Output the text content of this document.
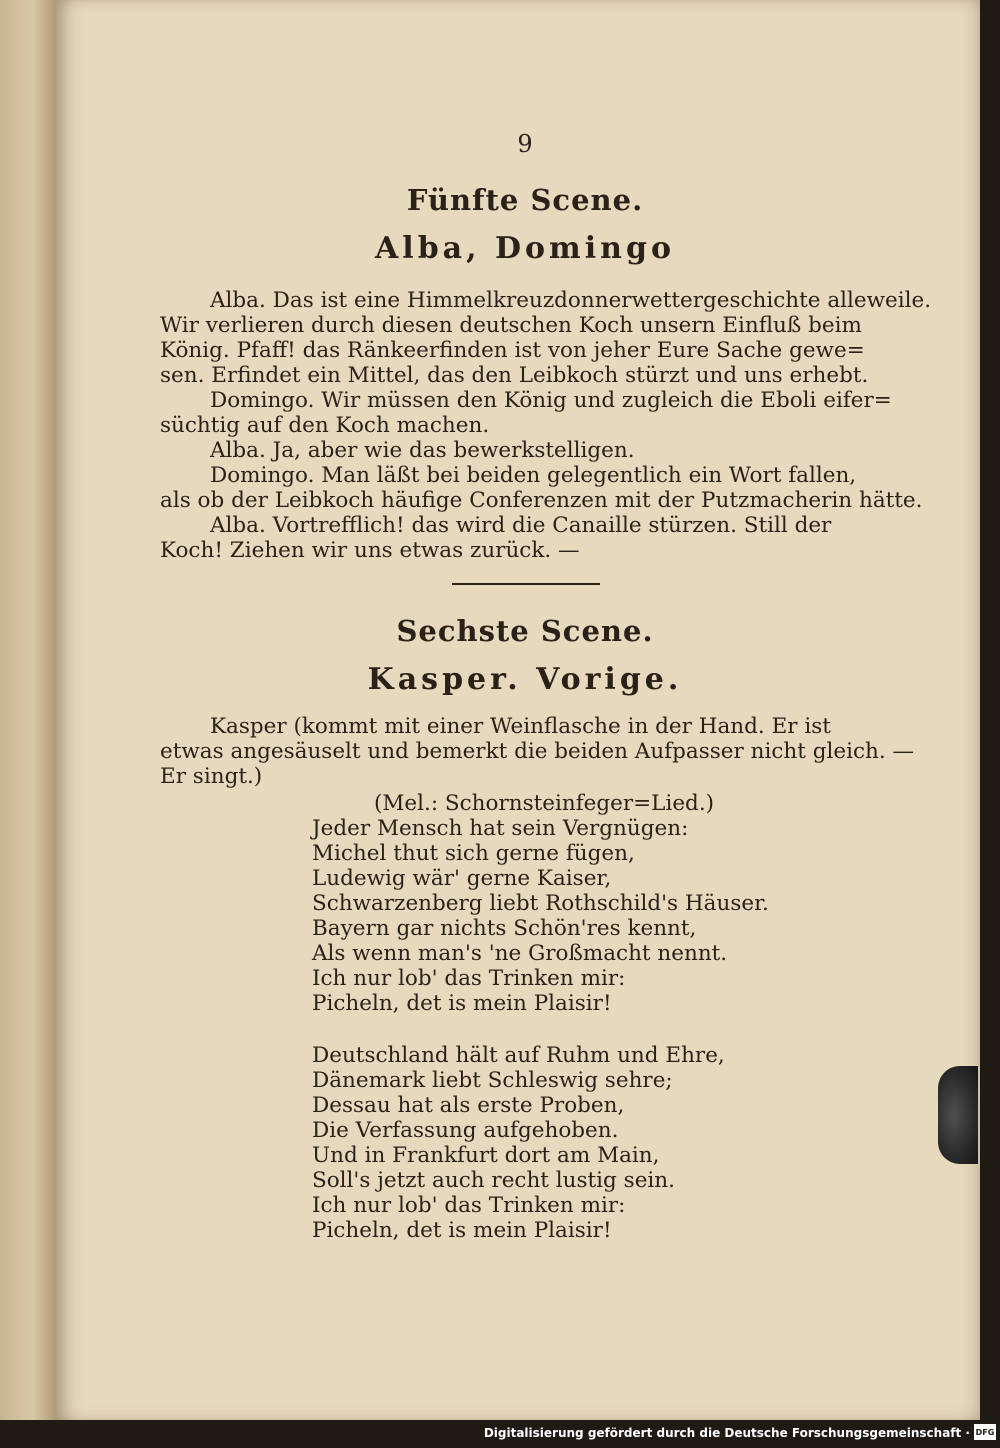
9
Fünfte Scene.
Alba, Domingo
Alba. Das ist eine Himmelkreuzdonnerwettergeschichte alleweile.
Wir verlieren durch diesen deutschen Koch unsern Einfluß beim
König. Pfaff! das Ränkeerfinden ist von jeher Eure Sache gewe=
sen. Erfindet ein Mittel, das den Leibkoch stürzt und uns erhebt.
Domingo. Wir müssen den König und zugleich die Eboli eifer=
süchtig auf den Koch machen.
Alba. Ja, aber wie das bewerkstelligen.
Domingo. Man läßt bei beiden gelegentlich ein Wort fallen,
als ob der Leibkoch häufige Conferenzen mit der Putzmacherin hätte.
Alba. Vortrefflich! das wird die Canaille stürzen. Still der
Koch! Ziehen wir uns etwas zurück. —
Sechste Scene.
Kasper. Vorige.
Kasper (kommt mit einer Weinflasche in der Hand. Er ist
etwas angesäuselt und bemerkt die beiden Aufpasser nicht gleich. —
Er singt.)
(Mel.: Schornsteinfeger=Lied.)
Jeder Mensch hat sein Vergnügen:
Michel thut sich gerne fügen,
Ludewig wär' gerne Kaiser,
Schwarzenberg liebt Rothschild's Häuser.
Bayern gar nichts Schön'res kennt,
Als wenn man's 'ne Großmacht nennt.
Ich nur lob' das Trinken mir:
Picheln, det is mein Plaisir!
Deutschland hält auf Ruhm und Ehre,
Dänemark liebt Schleswig sehre;
Dessau hat als erste Proben,
Die Verfassung aufgehoben.
Und in Frankfurt dort am Main,
Soll's jetzt auch recht lustig sein.
Ich nur lob' das Trinken mir:
Picheln, det is mein Plaisir!
Digitalisierung gefördert durch die Deutsche Forschungsgemeinschaft · DFG
